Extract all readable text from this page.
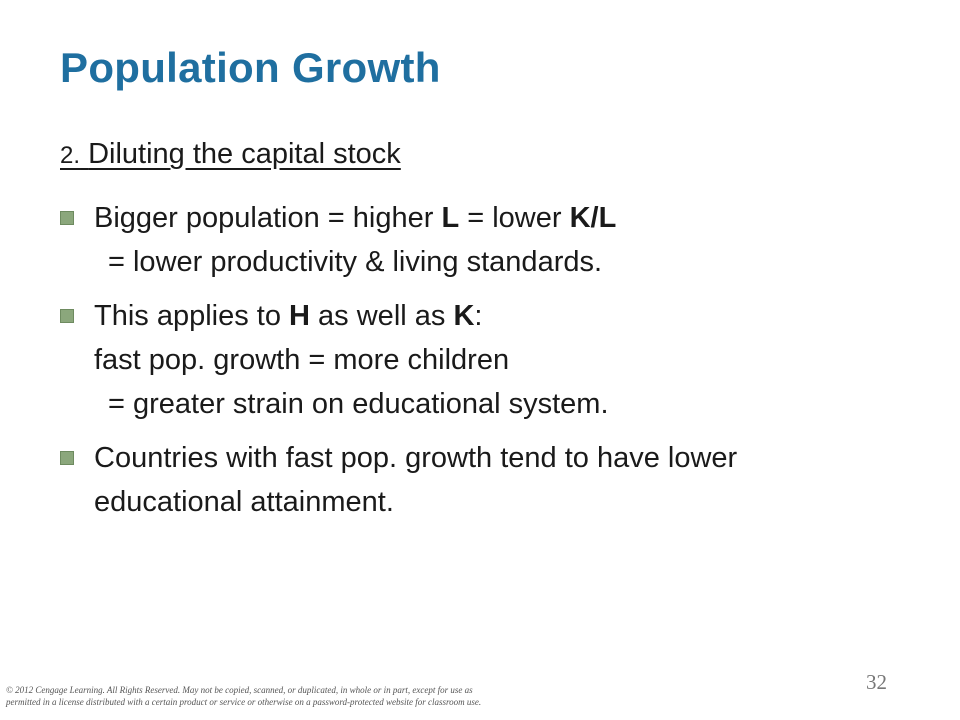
Population Growth
2. Diluting the capital stock
Bigger population = higher L = lower K/L
= lower productivity & living standards.
This applies to H as well as K:
fast pop. growth = more children
= greater strain on educational system.
Countries with fast pop. growth tend to have lower
educational attainment.
© 2012 Cengage Learning. All Rights Reserved. May not be copied, scanned, or duplicated, in whole or in part, except for use as
permitted in a license distributed with a certain product or service or otherwise on a password-protected website for classroom use.
32
